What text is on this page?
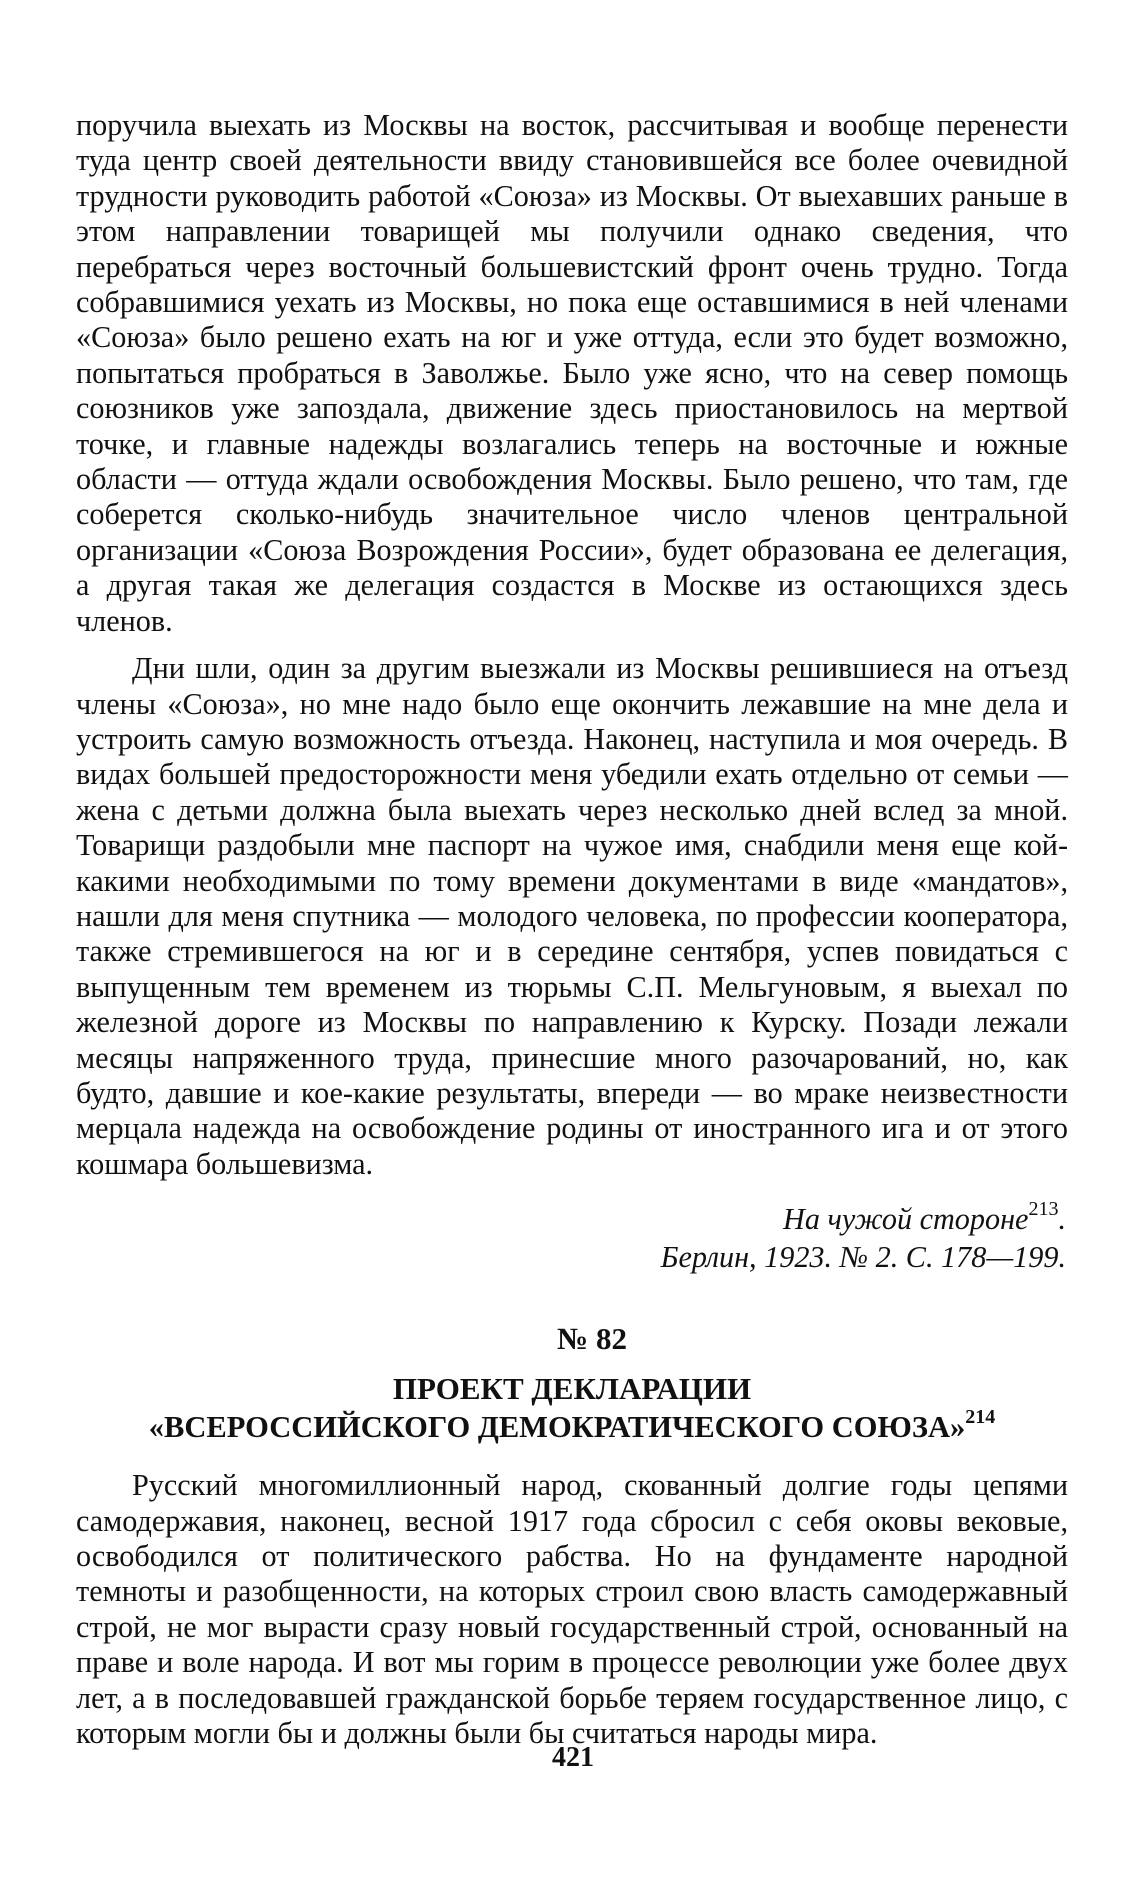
поручила выехать из Москвы на восток, рассчитывая и вообще перенести туда центр своей деятельности ввиду становившейся все более очевидной трудности руководить работой «Союза» из Москвы. От выехавших раньше в этом направлении товарищей мы получили однако сведения, что перебраться через восточный большевистский фронт очень трудно. Тогда собравшимися уехать из Москвы, но пока еще оставшимися в ней членами «Союза» было решено ехать на юг и уже оттуда, если это будет возможно, попытаться пробраться в Заволжье. Было уже ясно, что на север помощь союзников уже запоздала, движение здесь приостановилось на мертвой точке, и главные надежды возлагались теперь на восточные и южные области — оттуда ждали освобождения Москвы. Было решено, что там, где соберется сколько-нибудь значительное число членов центральной организации «Союза Возрождения России», будет образована ее делегация, а другая такая же делегация создастся в Москве из остающихся здесь членов.

Дни шли, один за другим выезжали из Москвы решившиеся на отъезд члены «Союза», но мне надо было еще окончить лежавшие на мне дела и устроить самую возможность отъезда. Наконец, наступила и моя очередь. В видах большей предосторожности меня убедили ехать отдельно от семьи — жена с детьми должна была выехать через несколько дней вслед за мной. Товарищи раздобыли мне паспорт на чужое имя, снабдили меня еще кой-какими необходимыми по тому времени документами в виде «мандатов», нашли для меня спутника — молодого человека, по профессии кооператора, также стремившегося на юг и в середине сентября, успев повидаться с выпущенным тем временем из тюрьмы С.П. Мельгуновым, я выехал по железной дороге из Москвы по направлению к Курску. Позади лежали месяцы напряженного труда, принесшие много разочарований, но, как будто, давшие и кое-какие результаты, впереди — во мраке неизвестности мерцала надежда на освобождение родины от иностранного ига и от этого кошмара большевизма.

На чужой стороне$^{213}$.
Берлин, 1923. № 2. С. 178—199.
№ 82
ПРОЕКТ ДЕКЛАРАЦИИ
«ВСЕРОССИЙСКОГО ДЕМОКРАТИЧЕСКОГО СОЮЗА»$^{214}$

Русский многомиллионный народ, скованный долгие годы цепями самодержавия, наконец, весной 1917 года сбросил с себя оковы вековые, освободился от политического рабства. Но на фундаменте народной темноты и разобщенности, на которых строил свою власть самодержавный строй, не мог вырасти сразу новый государственный строй, основанный на праве и воле народа. И вот мы горим в процессе революции уже более двух лет, а в последовавшей гражданской борьбе теряем государственное лицо, с которым могли бы и должны были бы считаться народы мира.

421
